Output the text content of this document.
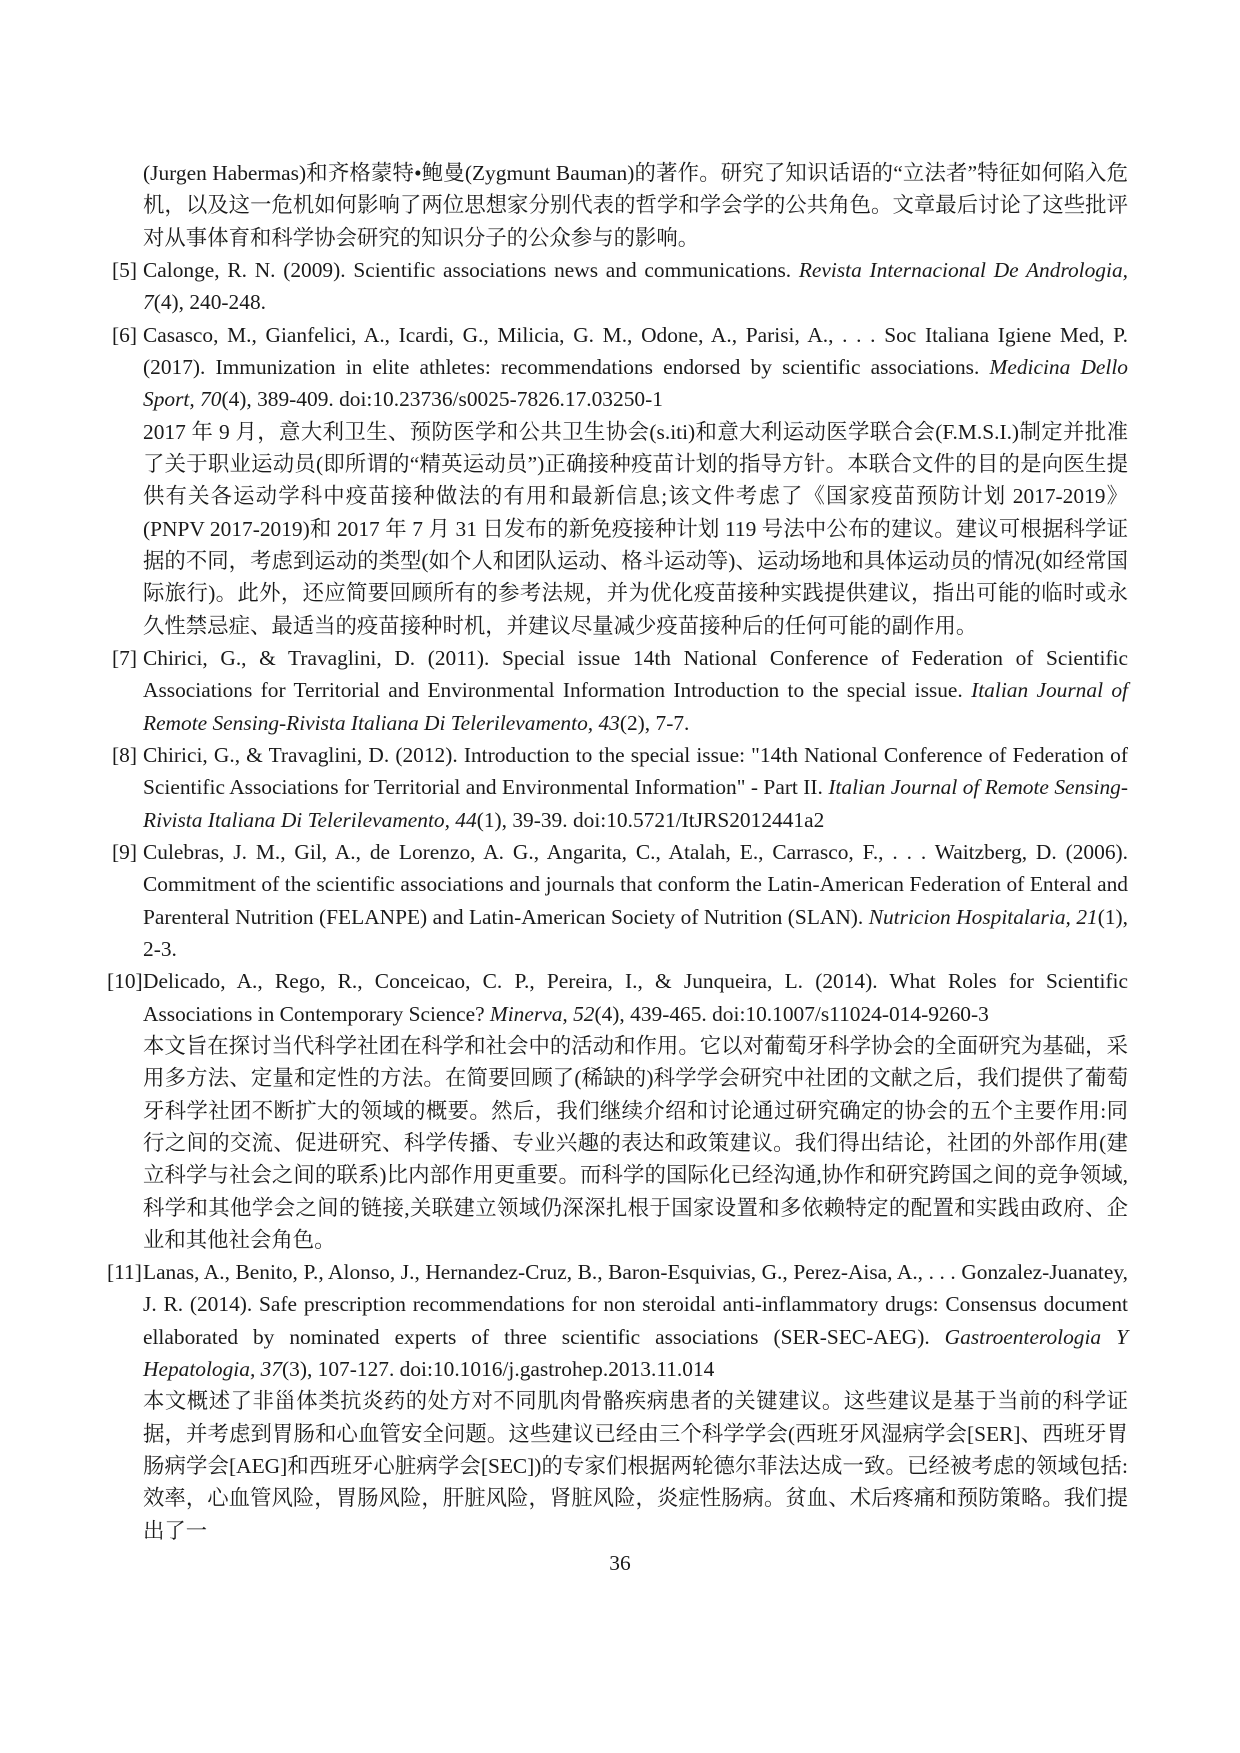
(Jurgen Habermas)和齐格蒙特•鲍曼(Zygmunt Bauman)的著作。研究了知识话语的“立法者”特征如何陷入危机，以及这一危机如何影响了两位思想家分别代表的哲学和学会学的公共角色。文章最后讨论了这些批评对从事体育和科学协会研究的知识分子的公众参与的影响。
[5] Calonge, R. N. (2009). Scientific associations news and communications. Revista Internacional De Andrologia, 7(4), 240-248.
[6] Casasco, M., Gianfelici, A., Icardi, G., Milicia, G. M., Odone, A., Parisi, A., . . . Soc Italiana Igiene Med, P. (2017). Immunization in elite athletes: recommendations endorsed by scientific associations. Medicina Dello Sport, 70(4), 389-409. doi:10.23736/s0025-7826.17.03250-1
2017 年 9 月，意大利卫生、预防医学和公共卫生协会(s.iti)和意大利运动医学联合会(F.M.S.I.)制定并批准了关于职业运动员(即所谓的“精英运动员”)正确接种疫苗计划的指导方针。本联合文件的目的是向医生提供有关各运动学科中疫苗接种做法的有用和最新信息;该文件考虑了《国家疫苗预防计划 2017-2019》(PNPV 2017-2019)和 2017 年 7 月 31 日发布的新免疫接种计划 119 号法中公布的建议。建议可根据科学证据的不同，考虑到运动的类型(如个人和团队运动、格斗运动等)、运动场地和具体运动员的情况(如经常国际旅行)。此外，还应简要回顾所有的参考法规，并为优化疫苗接种实践提供建议，指出可能的临时或永久性禁忌症、最适当的疫苗接种时机，并建议尽量减少疫苗接种后的任何可能的副作用。
[7] Chirici, G., & Travaglini, D. (2011). Special issue 14th National Conference of Federation of Scientific Associations for Territorial and Environmental Information Introduction to the special issue. Italian Journal of Remote Sensing-Rivista Italiana Di Telerilevamento, 43(2), 7-7.
[8] Chirici, G., & Travaglini, D. (2012). Introduction to the special issue: "14th National Conference of Federation of Scientific Associations for Territorial and Environmental Information" - Part II. Italian Journal of Remote Sensing-Rivista Italiana Di Telerilevamento, 44(1), 39-39. doi:10.5721/ItJRS2012441a2
[9] Culebras, J. M., Gil, A., de Lorenzo, A. G., Angarita, C., Atalah, E., Carrasco, F., . . . Waitzberg, D. (2006). Commitment of the scientific associations and journals that conform the Latin-American Federation of Enteral and Parenteral Nutrition (FELANPE) and Latin-American Society of Nutrition (SLAN). Nutricion Hospitalaria, 21(1), 2-3.
[10] Delicado, A., Rego, R., Conceicao, C. P., Pereira, I., & Junqueira, L. (2014). What Roles for Scientific Associations in Contemporary Science? Minerva, 52(4), 439-465. doi:10.1007/s11024-014-9260-3
本文旨在探讨当代科学社团在科学和社会中的活动和作用。它以对葡萄牙科学协会的全面研究为基础，采用多方法、定量和定性的方法。在简要回顾了(稀缺的)科学学会研究中社团的文献之后，我们提供了葡萄牙科学社团不断扩大的领域的概要。然后，我们继续介绍和讨论通过研究确定的协会的五个主要作用:同行之间的交流、促进研究、科学传播、专业兴趣的表达和政策建议。我们得出结论，社团的外部作用(建立科学与社会之间的联系)比内部作用更重要。而科学的国际化已经沟通,协作和研究跨国之间的竞争领域,科学和其他学会之间的链接,关联建立领域仍深深扎根于国家设置和多依赖特定的配置和实践由政府、企业和其他社会角色。
[11] Lanas, A., Benito, P., Alonso, J., Hernandez-Cruz, B., Baron-Esquivias, G., Perez-Aisa, A., . . . Gonzalez-Juanatey, J. R. (2014). Safe prescription recommendations for non steroidal anti-inflammatory drugs: Consensus document ellaborated by nominated experts of three scientific associations (SER-SEC-AEG). Gastroenterologia Y Hepatologia, 37(3), 107-127. doi:10.1016/j.gastrohep.2013.11.014
本文概述了非甾体类抗炎药的处方对不同肌肉骨骼疾病患者的关键建议。这些建议是基于当前的科学证据，并考虑到胃肠和心血管安全问题。这些建议已经由三个科学学会(西班牙风湿病学会[SER]、西班牙胃肠病学会[AEG]和西班牙心脏病学会[SEC])的专家们根据两轮德尔菲法达成一致。已经被考虑的领域包括:效率，心血管风险，胃肠风险，肝脏风险，肾脏风险，炎症性肠病。贫血、术后疼痛和预防策略。我们提出了一
36
